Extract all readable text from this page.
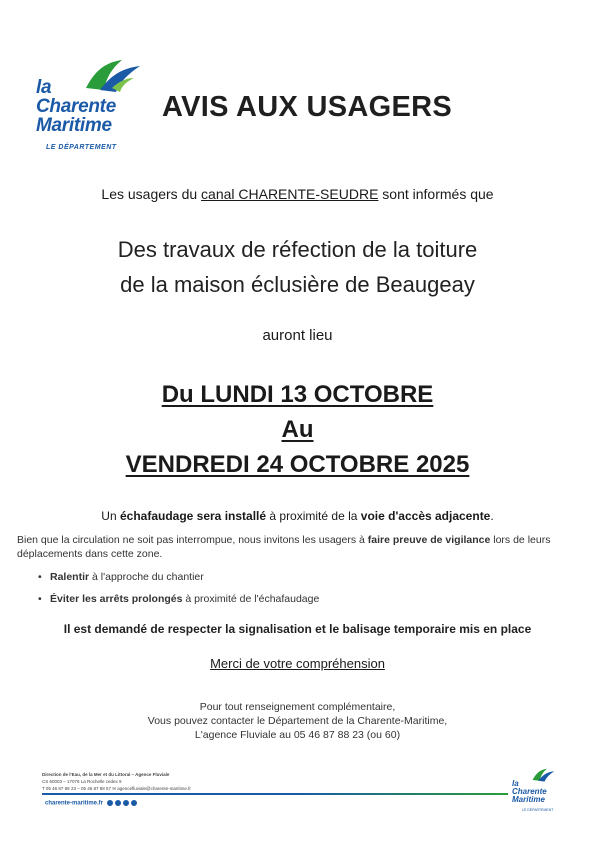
la
Charente
Maritime
LE DÉPARTEMENT
AVIS AUX USAGERS
Les usagers du canal CHARENTE-SEUDRE sont informés que
Des travaux de réfection de la toiture
de la maison éclusière de Beaugeay
auront lieu
Du LUNDI 13 OCTOBRE
Au
VENDREDI 24 OCTOBRE 2025
Un échafaudage sera installé à proximité de la voie d'accès adjacente.
Bien que la circulation ne soit pas interrompue, nous invitons les usagers à faire preuve de vigilance lors de leurs déplacements dans cette zone.
• Ralentir à l'approche du chantier
• Éviter les arrêts prolongés à proximité de l'échafaudage
Il est demandé de respecter la signalisation et le balisage temporaire mis en place
Merci de votre compréhension
Pour tout renseignement complémentaire,
Vous pouvez contacter le Département de la Charente-Maritime,
L'agence Fluviale au 05 46 87 88 23 (ou 60)
Direction de l'Eau, de la Mer et du Littoral – Agence Fluviale
CS 60003 – 17076 La Rochelle cedex 9
T 05 46 87 88 23 – 05 46 87 88 57 ✉ agencefluviale@charente-maritime.fr
charente-maritime.fr
la
Charente
Maritime
LE DÉPARTEMENT
